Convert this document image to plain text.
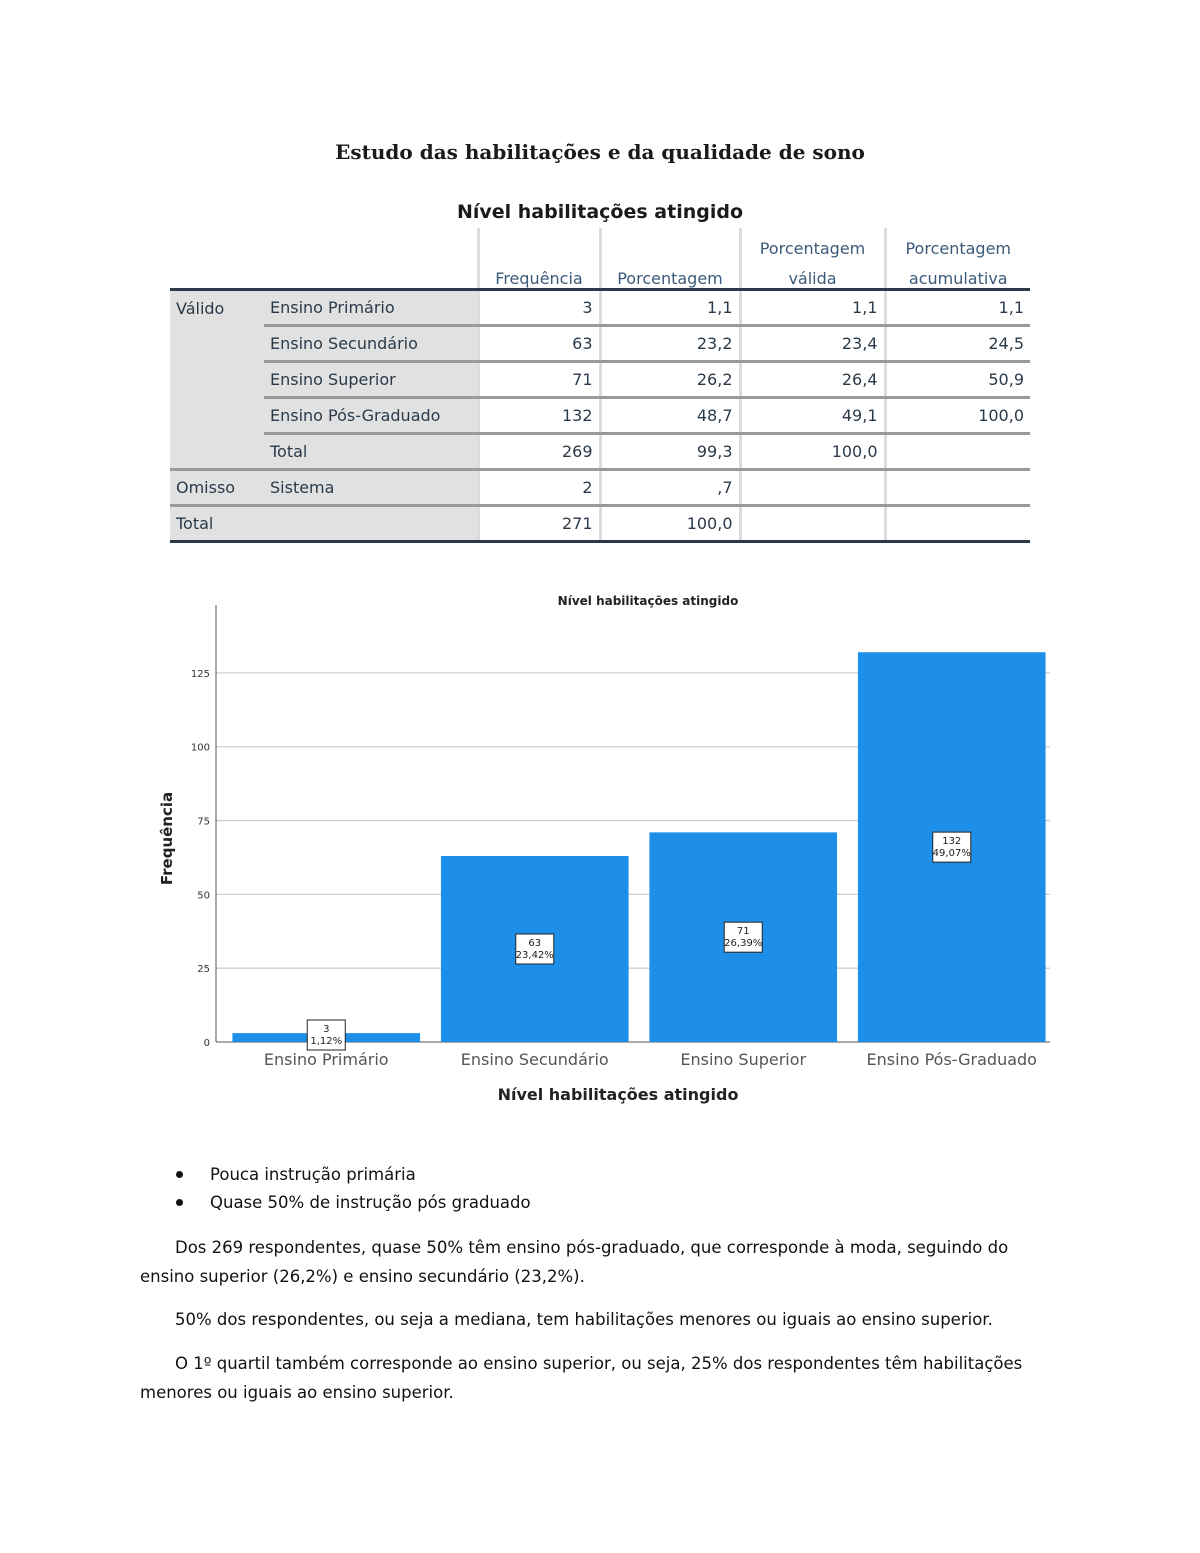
Estudo das habilitações e da qualidade de sono
Nível habilitações atingido
				Porcentagem	Porcentagem
		Frequência	Porcentagem	válida	acumulativa
Válido	Ensino Primário	3	1,1	1,1	1,1
	Ensino Secundário	63	23,2	23,4	24,5
	Ensino Superior	71	26,2	26,4	50,9
	Ensino Pós-Graduado	132	48,7	49,1	100,0
	Total	269	99,3	100,0	
Omisso	Sistema	2	,7		
Total		271	100,0		
0
25
50
75
100
125
Nível habilitações atingido
Ensino Primário
3
1,12%
Ensino Secundário
63
23,42%
Ensino Superior
71
26,39%
Ensino Pós-Graduado
132
49,07%
Nível habilitações atingido
Frequência
Pouca instrução primária
Quase 50% de instrução pós graduado
Dos 269 respondentes, quase 50% têm ensino pós-graduado, que corresponde à moda, seguindo do ensino superior (26,2%) e ensino secundário (23,2%).
50% dos respondentes, ou seja a mediana, tem habilitações menores ou iguais ao ensino superior.
O 1º quartil também corresponde ao ensino superior, ou seja, 25% dos respondentes têm habilitações menores ou iguais ao ensino superior.
